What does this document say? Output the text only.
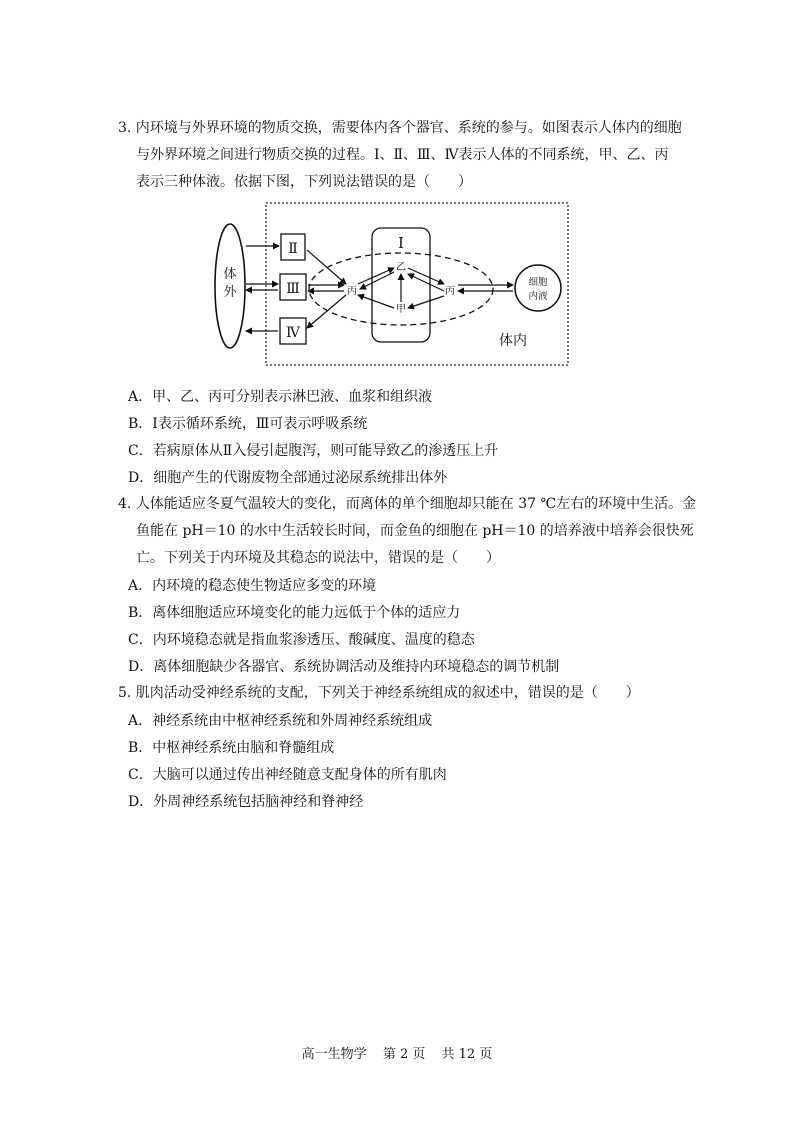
3. 内环境与外界环境的物质交换，需要体内各个器官、系统的参与。如图表示人体内的细胞
与外界环境之间进行物质交换的过程。Ⅰ、Ⅱ、Ⅲ、Ⅳ表示人体的不同系统，甲、乙、丙
表示三种体液。依据下图，下列说法错误的是（　　）
体
外
Ⅱ
Ⅲ
Ⅳ
Ⅰ
丙
乙
甲
丙
细胞
内液
体内
A．甲、乙、丙可分别表示淋巴液、血浆和组织液
B．Ⅰ表示循环系统，Ⅲ可表示呼吸系统
C．若病原体从Ⅱ入侵引起腹泻，则可能导致乙的渗透压上升
D．细胞产生的代谢废物全部通过泌尿系统排出体外
4. 人体能适应冬夏气温较大的变化，而离体的单个细胞却只能在 37 ℃左右的环境中生活。金
鱼能在 pH＝10 的水中生活较长时间，而金鱼的细胞在 pH＝10 的培养液中培养会很快死
亡。下列关于内环境及其稳态的说法中，错误的是（　　）
A．内环境的稳态使生物适应多变的环境
B．离体细胞适应环境变化的能力远低于个体的适应力
C．内环境稳态就是指血浆渗透压、酸碱度、温度的稳态
D．离体细胞缺少各器官、系统协调活动及维持内环境稳态的调节机制
5. 肌肉活动受神经系统的支配，下列关于神经系统组成的叙述中，错误的是（　　）
A．神经系统由中枢神经系统和外周神经系统组成
B．中枢神经系统由脑和脊髓组成
C．大脑可以通过传出神经随意支配身体的所有肌肉
D．外周神经系统包括脑神经和脊神经
高一生物学 第 2 页 共 12 页
